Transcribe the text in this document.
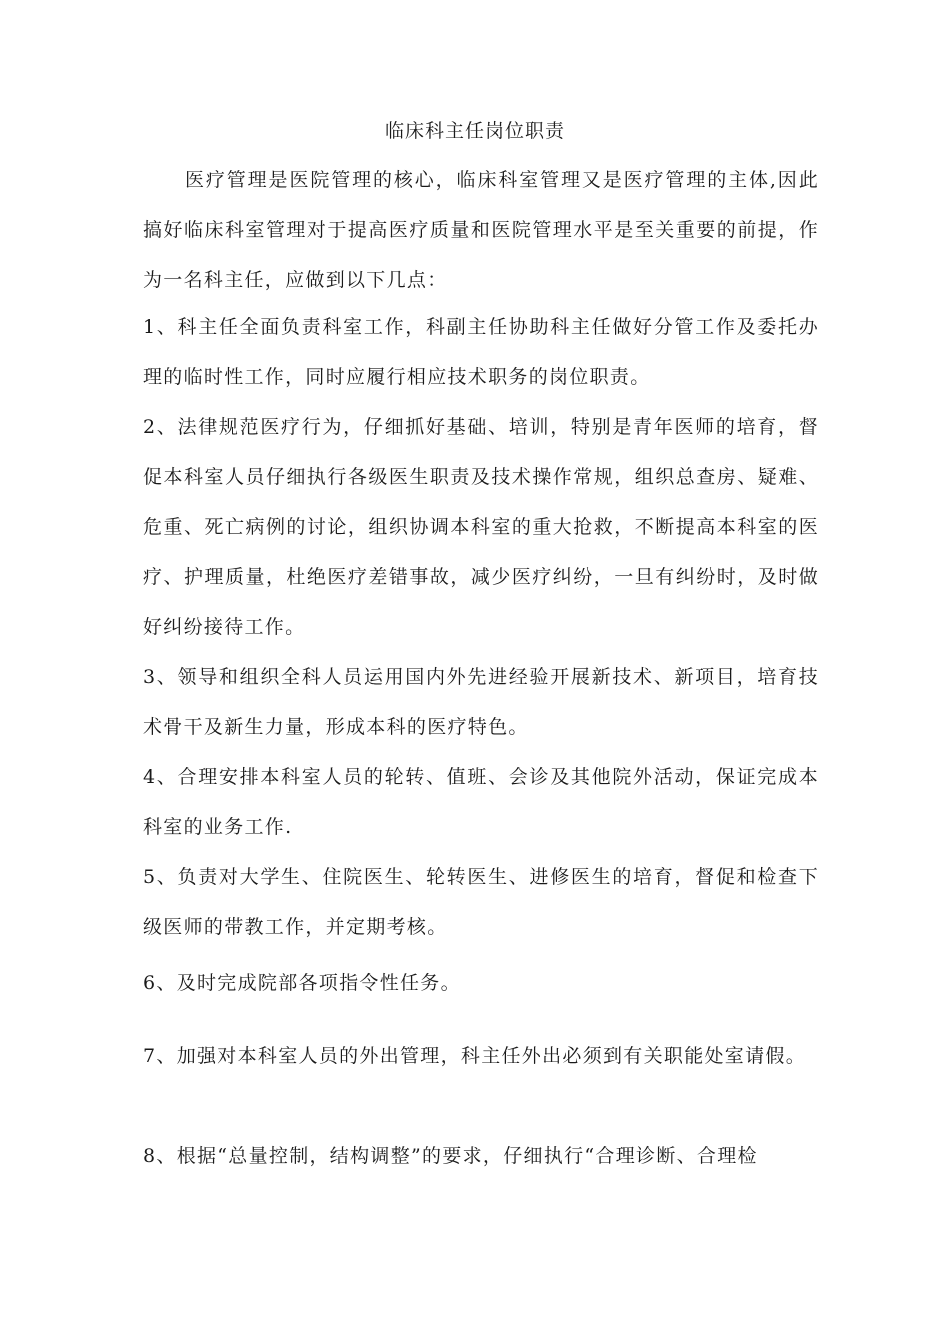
临床科主任岗位职责

医疗管理是医院管理的核心，临床科室管理又是医疗管理的主体,因此搞好临床科室管理对于提高医疗质量和医院管理水平是至关重要的前提，作为一名科主任，应做到以下几点：

1、科主任全面负责科室工作，科副主任协助科主任做好分管工作及委托办理的临时性工作，同时应履行相应技术职务的岗位职责。

2、法律规范医疗行为，仔细抓好基础、培训，特别是青年医师的培育，督促本科室人员仔细执行各级医生职责及技术操作常规，组织总查房、疑难、危重、死亡病例的讨论，组织协调本科室的重大抢救，不断提高本科室的医疗、护理质量，杜绝医疗差错事故，减少医疗纠纷，一旦有纠纷时，及时做好纠纷接待工作。

3、领导和组织全科人员运用国内外先进经验开展新技术、新项目，培育技术骨干及新生力量，形成本科的医疗特色。

4、合理安排本科室人员的轮转、值班、会诊及其他院外活动，保证完成本科室的业务工作.

5、负责对大学生、住院医生、轮转医生、进修医生的培育，督促和检查下级医师的带教工作，并定期考核。

6、及时完成院部各项指令性任务。

7、加强对本科室人员的外出管理，科主任外出必须到有关职能处室请假。

8、根据“总量控制，结构调整”的要求，仔细执行“合理诊断、合理检
